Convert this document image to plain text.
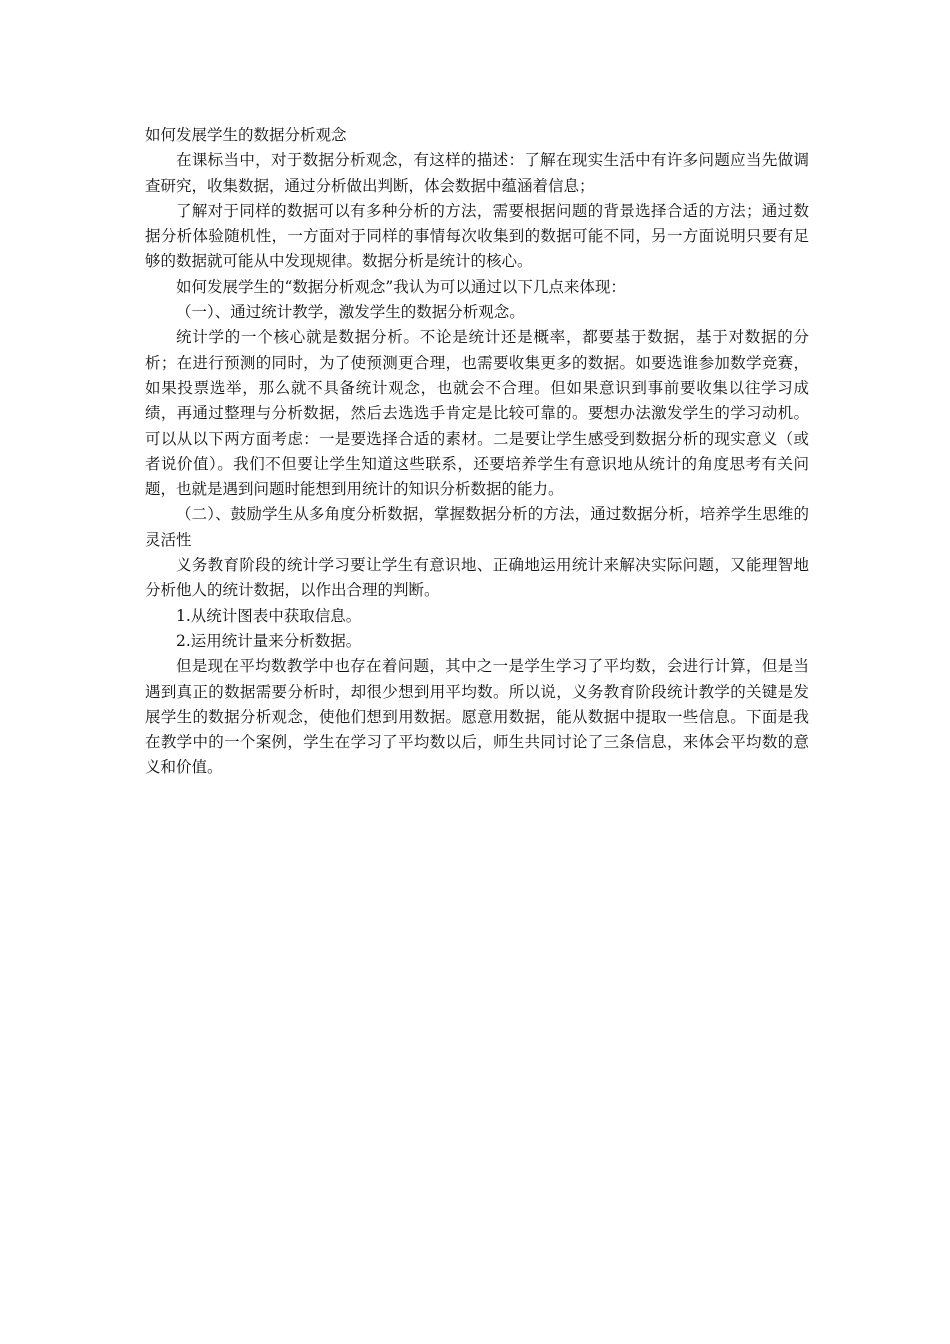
如何发展学生的数据分析观念

在课标当中，对于数据分析观念，有这样的描述：了解在现实生活中有许多问题应当先做调查研究，收集数据，通过分析做出判断，体会数据中蕴涵着信息；

了解对于同样的数据可以有多种分析的方法，需要根据问题的背景选择合适的方法；通过数据分析体验随机性，一方面对于同样的事情每次收集到的数据可能不同，另一方面说明只要有足够的数据就可能从中发现规律。数据分析是统计的核心。

如何发展学生的“数据分析观念”我认为可以通过以下几点来体现：

（一）、通过统计教学，激发学生的数据分析观念。

统计学的一个核心就是数据分析。不论是统计还是概率，都要基于数据，基于对数据的分析；在进行预测的同时，为了使预测更合理，也需要收集更多的数据。如要选谁参加数学竞赛，如果投票选举，那么就不具备统计观念，也就会不合理。但如果意识到事前要收集以往学习成绩，再通过整理与分析数据，然后去选选手肯定是比较可靠的。要想办法激发学生的学习动机。可以从以下两方面考虑：一是要选择合适的素材。二是要让学生感受到数据分析的现实意义（或者说价值）。我们不但要让学生知道这些联系，还要培养学生有意识地从统计的角度思考有关问题，也就是遇到问题时能想到用统计的知识分析数据的能力。

（二）、鼓励学生从多角度分析数据，掌握数据分析的方法，通过数据分析，培养学生思维的灵活性

义务教育阶段的统计学习要让学生有意识地、正确地运用统计来解决实际问题，又能理智地分析他人的统计数据，以作出合理的判断。

1.从统计图表中获取信息。

2.运用统计量来分析数据。

但是现在平均数教学中也存在着问题，其中之一是学生学习了平均数，会进行计算，但是当遇到真正的数据需要分析时，却很少想到用平均数。所以说，义务教育阶段统计教学的关键是发展学生的数据分析观念，使他们想到用数据。愿意用数据，能从数据中提取一些信息。下面是我在教学中的一个案例，学生在学习了平均数以后，师生共同讨论了三条信息，来体会平均数的意义和价值。
